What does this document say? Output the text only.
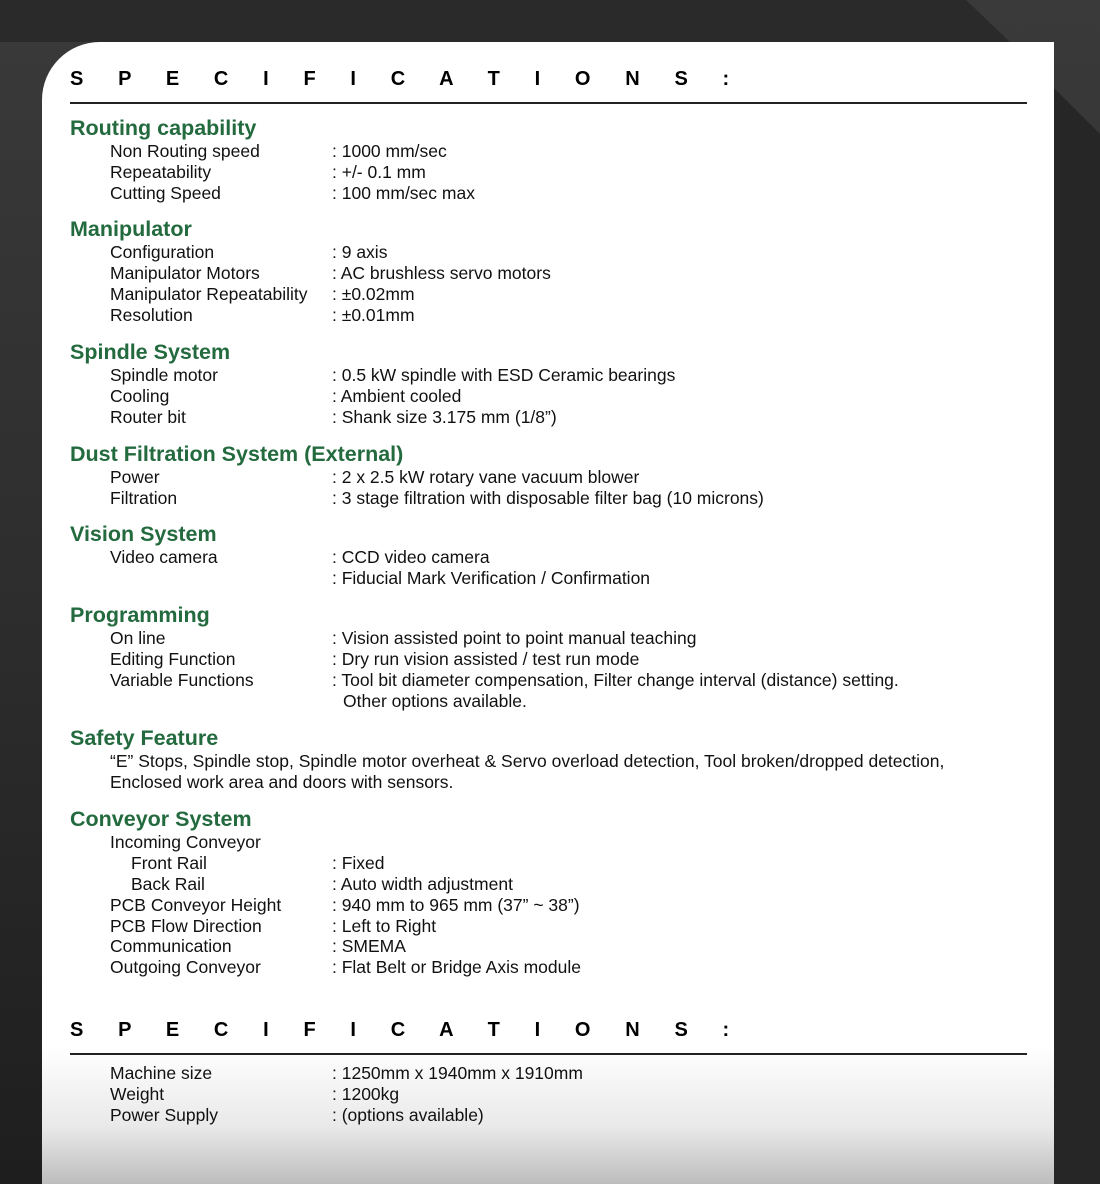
S P E C I F I C A T I O N S :
Routing capability
Non Routing speed	: 1000 mm/sec
Repeatability	: +/- 0.1 mm
Cutting Speed	: 100 mm/sec max
Manipulator
Configuration	: 9 axis
Manipulator Motors	: AC brushless servo motors
Manipulator Repeatability : ±0.02mm
Resolution	: ±0.01mm
Spindle System
Spindle motor	: 0.5 kW spindle with ESD Ceramic bearings
Cooling	: Ambient cooled
Router bit	: Shank size 3.175 mm (1/8”)
Dust Filtration System (External)
Power	: 2 x 2.5 kW rotary vane vacuum blower
Filtration	: 3 stage filtration with disposable filter bag (10 microns)
Vision System
Video camera	: CCD video camera
: Fiducial Mark Verification / Confirmation
Programming
On line	: Vision assisted point to point manual teaching
Editing Function	: Dry run vision assisted / test run mode
Variable Functions	: Tool bit diameter compensation, Filter change interval (distance) setting.
Other options available.
Safety Feature
“E” Stops, Spindle stop, Spindle motor overheat & Servo overload detection, Tool broken/dropped detection, Enclosed work area and doors with sensors.
Conveyor System
Incoming Conveyor
Front Rail	: Fixed
Back Rail	: Auto width adjustment
PCB Conveyor Height	: 940 mm to 965 mm (37” ~ 38”)
PCB Flow Direction	: Left to Right
Communication	: SMEMA
Outgoing Conveyor	: Flat Belt or Bridge Axis module
S P E C I F I C A T I O N S :
Machine size	: 1250mm x 1940mm x 1910mm
Weight	: 1200kg
Power Supply	: (options available)
